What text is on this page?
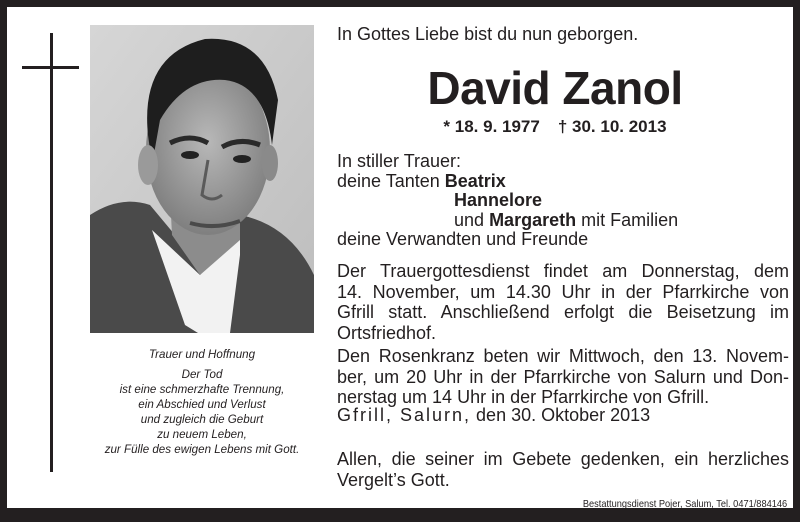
Trauer und Hoffnung
Der Tod
ist eine schmerzhafte Trennung,
ein Abschied und Verlust
und zugleich die Geburt
zu neuem Leben,
zur Fülle des ewigen Lebens mit Gott.
In Gottes Liebe bist du nun geborgen.
David Zanol
* 18. 9. 1977 † 30. 10. 2013
In stiller Trauer:
deine Tanten Beatrix
Hannelore
und Margareth mit Familien
deine Verwandten und Freunde
Der Trauergottesdienst findet am Donnerstag, dem
14. November, um 14.30 Uhr in der Pfarrkirche von
Gfrill statt. Anschließend erfolgt die Beisetzung im
Ortsfriedhof.
Den Rosenkranz beten wir Mittwoch, den 13. Novem-
ber, um 20 Uhr in der Pfarrkirche von Salurn und Don-
nerstag um 14 Uhr in der Pfarrkirche von Gfrill.
Gfrill, Salurn, den 30. Oktober 2013
Allen, die seiner im Gebete gedenken, ein herzliches
Vergelt’s Gott.
Bestattungsdienst Pojer, Salum, Tel. 0471/884146
